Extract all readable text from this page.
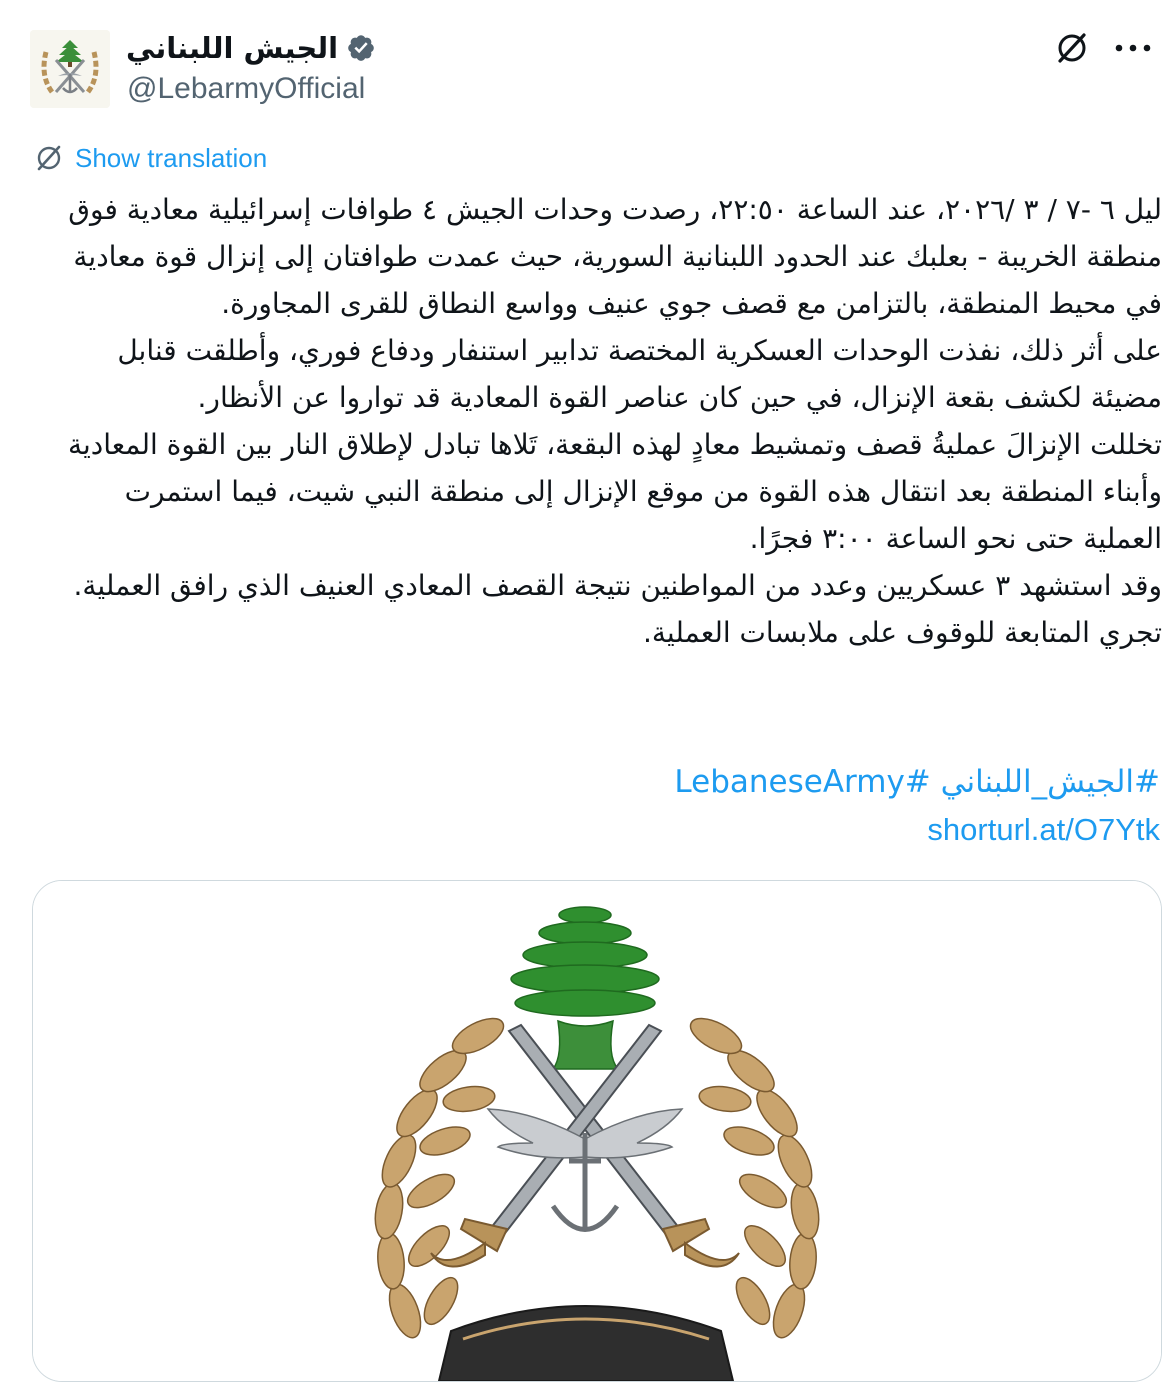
الجيش اللبناني
@LebarmyOfficial
Show translation

ليل ٦ -٧ / ٣ /٢٠٢٦، عند الساعة ٢٢:٥٠، رصدت وحدات الجيش ٤ طوافات إسرائيلية معادية فوق منطقة الخريبة - بعلبك عند الحدود اللبنانية السورية، حيث عمدت طوافتان إلى إنزال قوة معادية في محيط المنطقة، بالتزامن مع قصف جوي عنيف وواسع النطاق للقرى المجاورة.

على أثر ذلك، نفذت الوحدات العسكرية المختصة تدابير استنفار ودفاع فوري، وأطلقت قنابل مضيئة لكشف بقعة الإنزال، في حين كان عناصر القوة المعادية قد تواروا عن الأنظار.

تخللت الإنزالَ عمليةُ قصف وتمشيط معادٍ لهذه البقعة، تَلاها تبادل لإطلاق النار بين القوة المعادية وأبناء المنطقة بعد انتقال هذه القوة من موقع الإنزال إلى منطقة النبي شيت، فيما استمرت العملية حتى نحو الساعة ٣:٠٠ فجرًا.

وقد استشهد ٣ عسكريين وعدد من المواطنين نتيجة القصف المعادي العنيف الذي رافق العملية.

تجري المتابعة للوقوف على ملابسات العملية.

#الجيش_اللبناني #LebaneseArmy
shorturl.at/O7Ytk
